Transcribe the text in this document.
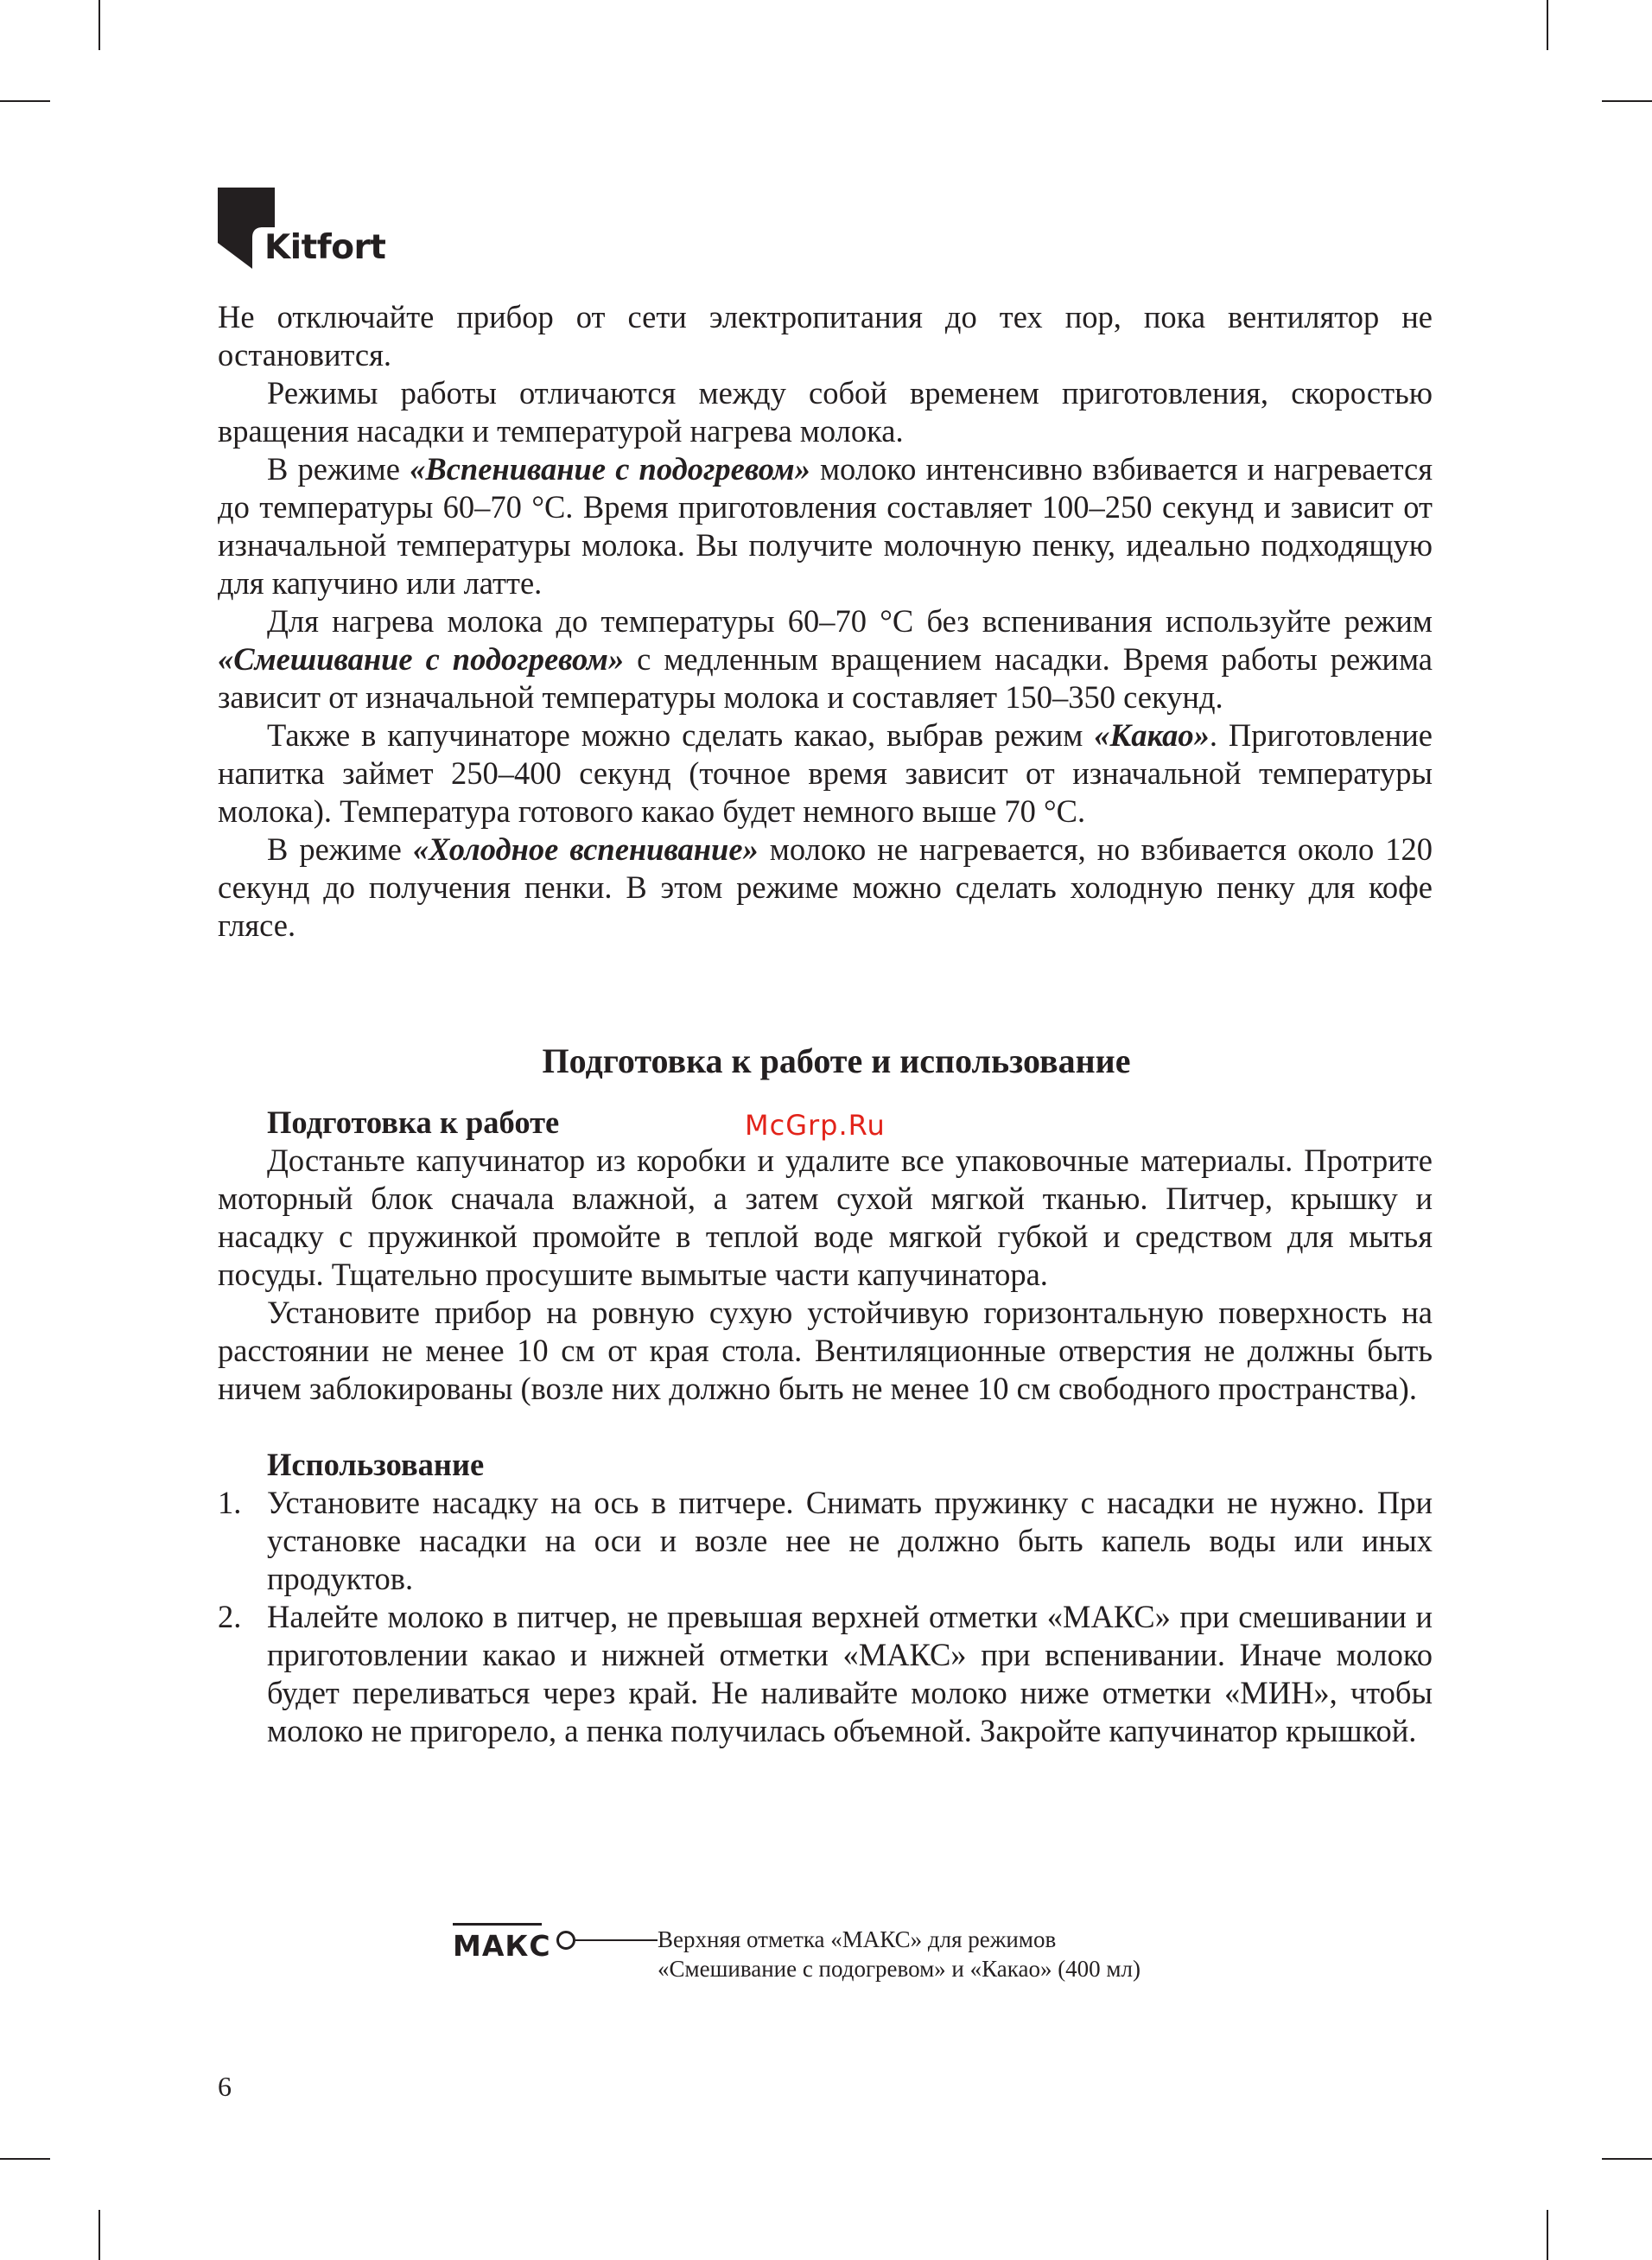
Kitfort

Не отключайте прибор от сети электропитания до тех пор, пока вентилятор не остановится.

Режимы работы отличаются между собой временем приготовления, скоростью вращения насадки и температурой нагрева молока.

В режиме «Вспенивание с подогревом» молоко интенсивно взбивается и нагревается до температуры 60–70 °С. Время приготовления составляет 100–250 секунд и зависит от изначальной температуры молока. Вы получите молочную пенку, идеально подходящую для капучино или латте.

Для нагрева молока до температуры 60–70 °С без вспенивания используйте режим «Смешивание с подогревом» с медленным вращением насадки. Время работы режима зависит от изначальной температуры молока и составляет 150–350 секунд.

Также в капучинаторе можно сделать какао, выбрав режим «Какао». Приготовление напитка займет 250–400 секунд (точное время зависит от изначальной температуры молока). Температура готового какао будет немного выше 70 °С.

В режиме «Холодное вспенивание» молоко не нагревается, но взбивается около 120 секунд до получения пенки. В этом режиме можно сделать холодную пенку для кофе глясе.

Подготовка к работе и использование

Подготовка к работе

Достаньте капучинатор из коробки и удалите все упаковочные материалы. Протрите моторный блок сначала влажной, а затем сухой мягкой тканью. Питчер, крышку и насадку с пружинкой промойте в теплой воде мягкой губкой и средством для мытья посуды. Тщательно просушите вымытые части капучинатора.

Установите прибор на ровную сухую устойчивую горизонтальную поверхность на расстоянии не менее 10 см от края стола. Вентиляционные отверстия не должны быть ничем заблокированы (возле них должно быть не менее 10 см свободного пространства).

Использование

1. Установите насадку на ось в питчере. Снимать пружинку с насадки не нужно. При установке насадки на оси и возле нее не должно быть капель воды или иных продуктов.
2. Налейте молоко в питчер, не превышая верхней отметки «МАКС» при смешивании и приготовлении какао и нижней отметки «МАКС» при вспенивании. Иначе молоко будет переливаться через край. Не наливайте молоко ниже отметки «МИН», чтобы молоко не пригорело, а пенка получилась объемной. Закройте капучинатор крышкой.
McGrp.Ru
МАКС	Верхняя отметка «МАКС» для режимов
«Смешивание с подогревом» и «Какао» (400 мл)
6
